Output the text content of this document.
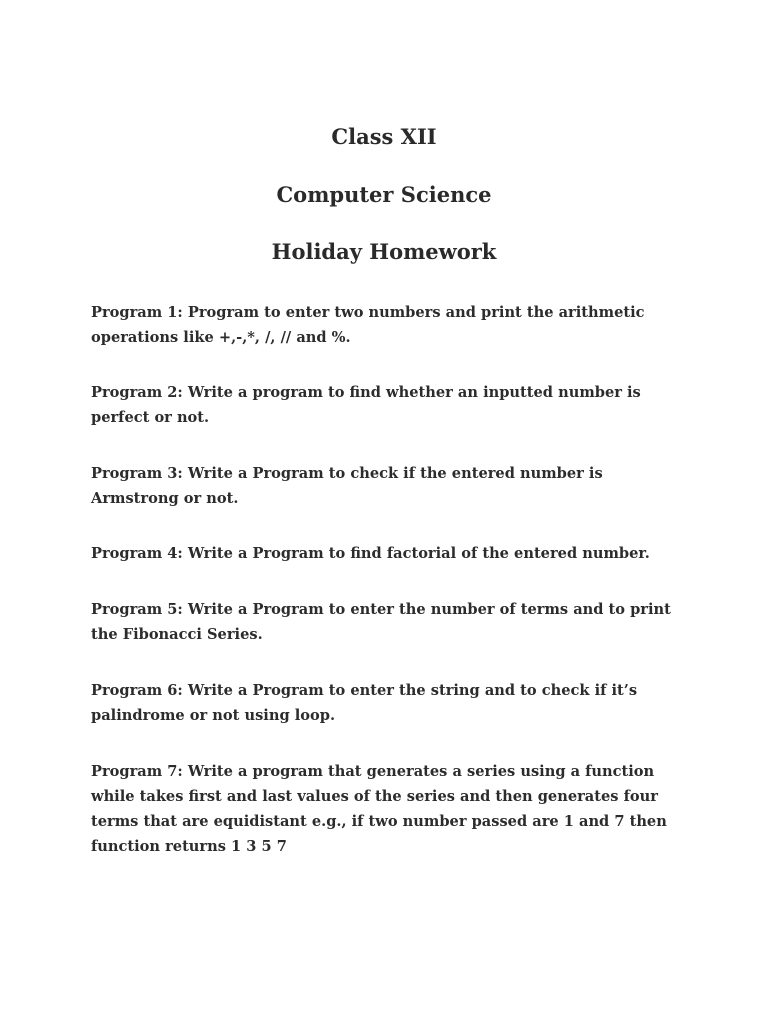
Class XII
Computer Science
Holiday Homework

Program 1: Program to enter two numbers and print the arithmetic operations like +,-,*, /, // and %.

Program 2: Write a program to find whether an inputted number is perfect or not.

Program 3: Write a Program to check if the entered number is Armstrong or not.

Program 4: Write a Program to find factorial of the entered number.

Program 5: Write a Program to enter the number of terms and to print the Fibonacci Series.

Program 6: Write a Program to enter the string and to check if it’s palindrome or not using loop.

Program 7: Write a program that generates a series using a function while takes first and last values of the series and then generates four terms that are equidistant e.g., if two number passed are 1 and 7 then function returns 1 3 5 7
